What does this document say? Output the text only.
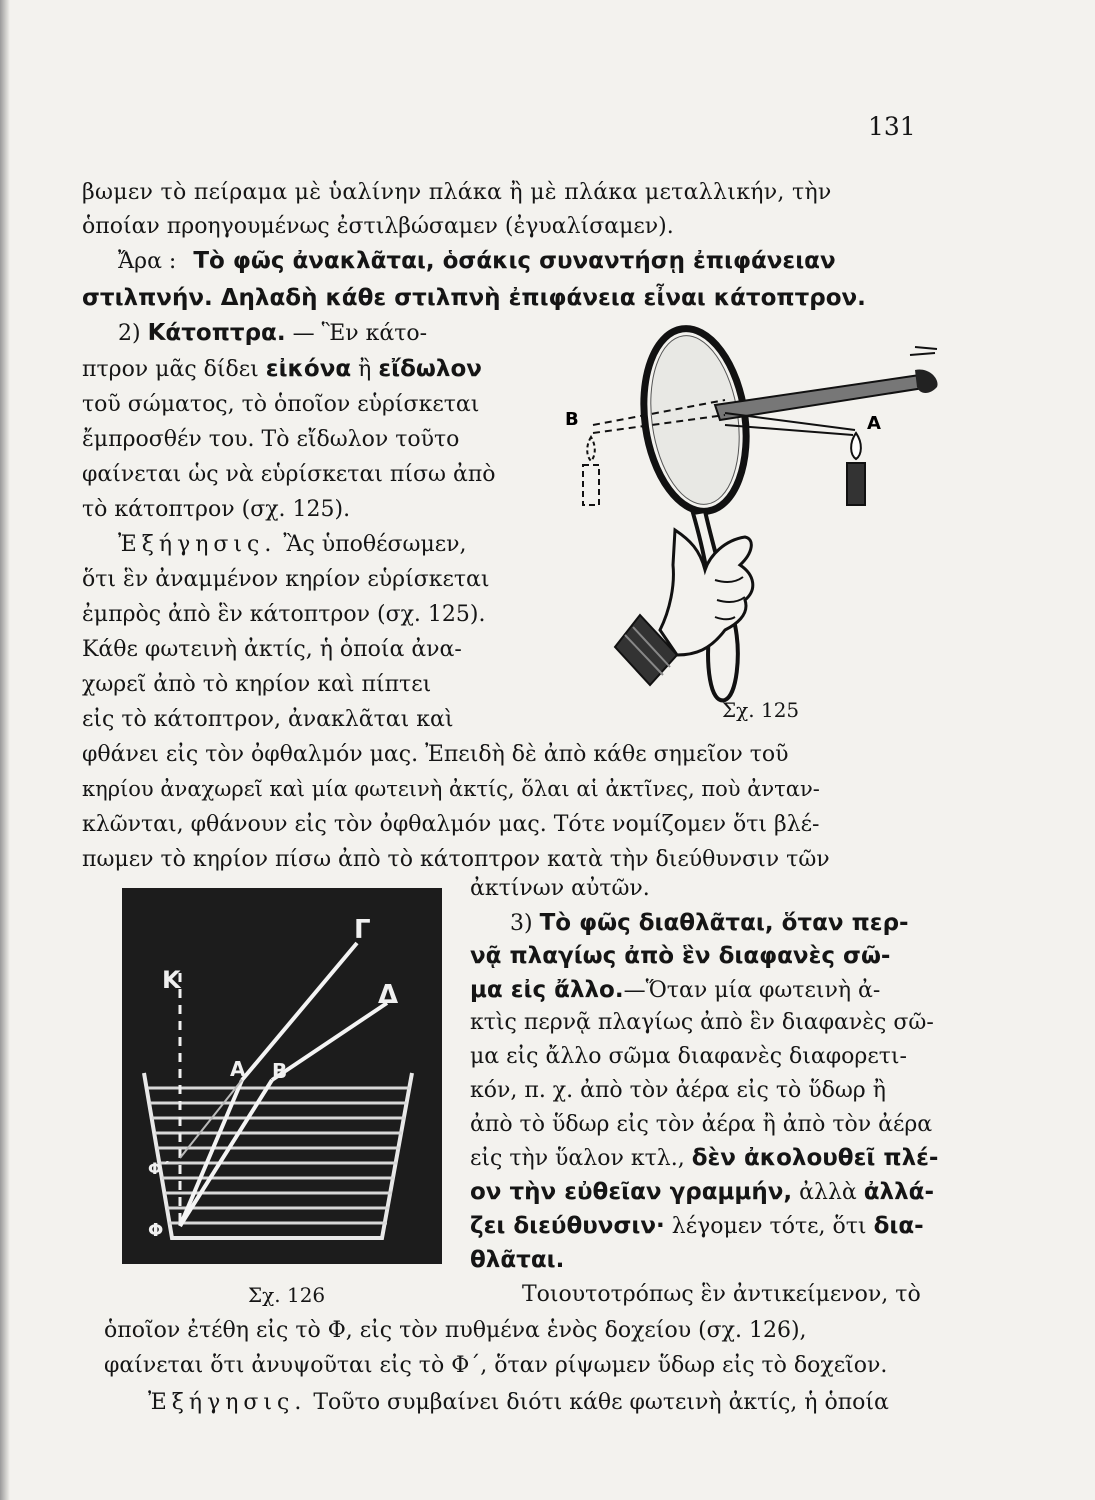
131
βωμεν τὸ πείραμα μὲ ὑαλίνην πλάκα ἢ μὲ πλάκα μεταλλικήν, τὴν
ὁποίαν προηγουμένως ἐστιλβώσαμεν (ἐγυαλίσαμεν).
Ἄρα : Τὸ φῶς ἀνακλᾶται, ὁσάκις συναντήσῃ ἐπιφάνειαν
στιλπνήν. Δηλαδὴ κάθε στιλπνὴ ἐπιφάνεια εἶναι κάτοπτρον.
2) Κάτοπτρα. — Ἓν κάτο-
πτρον μᾶς δίδει εἰκόνα ἢ εἴδωλον
τοῦ σώματος, τὸ ὁποῖον εὑρίσκεται
ἔμπροσθέν του. Τὸ εἴδωλον τοῦτο
φαίνεται ὡς νὰ εὑρίσκεται πίσω ἀπὸ
τὸ κάτοπτρον (σχ. 125).
Ἐξήγησις. Ἂς ὑποθέσωμεν,
ὅτι ἓν ἀναμμένον κηρίον εὑρίσκεται
ἐμπρὸς ἀπὸ ἓν κάτοπτρον (σχ. 125).
Κάθε φωτεινὴ ἀκτίς, ἡ ὁποία ἀνα-
χωρεῖ ἀπὸ τὸ κηρίον καὶ πίπτει
εἰς τὸ κάτοπτρον, ἀνακλᾶται καὶ
φθάνει εἰς τὸν ὀφθαλμόν μας. Ἐπειδὴ δὲ ἀπὸ κάθε σημεῖον τοῦ
κηρίου ἀναχωρεῖ καὶ μία φωτεινὴ ἀκτίς, ὅλαι αἱ ἀκτῖνες, ποὺ ἀνταν-
κλῶνται, φθάνουν εἰς τὸν ὀφθαλμόν μας. Τότε νομίζομεν ὅτι βλέ-
πωμεν τὸ κηρίον πίσω ἀπὸ τὸ κάτοπτρον κατὰ τὴν διεύθυνσιν τῶν
ἀκτίνων αὐτῶν.
B	A
Σχ. 125
Κ
Γ
Δ
Α Β
Φ΄
Φ
Σχ. 126
3) Τὸ φῶς διαθλᾶται, ὅταν περ-
νᾷ πλαγίως ἀπὸ ἓν διαφανὲς σῶ-
μα εἰς ἄλλο.—Ὅταν μία φωτεινὴ ἀ-
κτὶς περνᾷ πλαγίως ἀπὸ ἓν διαφανὲς σῶ-
μα εἰς ἄλλο σῶμα διαφανὲς διαφορετι-
κόν, π. χ. ἀπὸ τὸν ἀέρα εἰς τὸ ὕδωρ ἢ
ἀπὸ τὸ ὕδωρ εἰς τὸν ἀέρα ἢ ἀπὸ τὸν ἀέρα
εἰς τὴν ὕαλον κτλ., δὲν ἀκολουθεῖ πλέ-
ον τὴν εὐθεῖαν γραμμήν, ἀλλὰ ἀλλά-
ζει διεύθυνσιν· λέγομεν τότε, ὅτι δια-
θλᾶται.
Τοιουτοτρόπως ἓν ἀντικείμενον, τὸ
ὁποῖον ἐτέθη εἰς τὸ Φ, εἰς τὸν πυθμένα ἑνὸς δοχείου (σχ. 126),
φαίνεται ὅτι ἀνυψοῦται εἰς τὸ Φ΄, ὅταν ρίψωμεν ὕδωρ εἰς τὸ δοχεῖον.
Ἐξήγησις. Τοῦτο συμβαίνει διότι κάθε φωτεινὴ ἀκτίς, ἡ ὁποία
